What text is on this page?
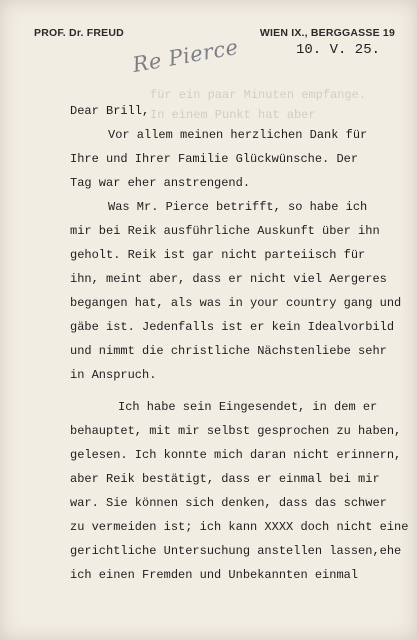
PROF. Dr. FREUD	WIEN IX., BERGGASSE 19
Re Pierce	10. V. 25.
für ein paar Minuten empfange.
In einem Punkt hat aber
Dear Brill,
Vor allem meinen herzlichen Dank für
Ihre und Ihrer Familie Glückwünsche. Der
Tag war eher anstrengend.
Was Mr. Pierce betrifft, so habe ich
mir bei Reik ausführliche Auskunft über ihn
geholt. Reik ist gar nicht parteiisch für
ihn, meint aber, dass er nicht viel Aergeres
begangen hat, als was in your country gang und
gäbe ist. Jedenfalls ist er kein Idealvorbild
und nimmt die christliche Nächstenliebe sehr
in Anspruch.
Ich habe sein Eingesendet, in dem er
behauptet, mit mir selbst gesprochen zu haben,
gelesen. Ich konnte mich daran nicht erinnern,
aber Reik bestätigt, dass er einmal bei mir
war. Sie können sich denken, dass das schwer
zu vermeiden ist; ich kann XXXX doch nicht eine
gerichtliche Untersuchung anstellen lassen,ehe
ich einen Fremden und Unbekannten einmal
